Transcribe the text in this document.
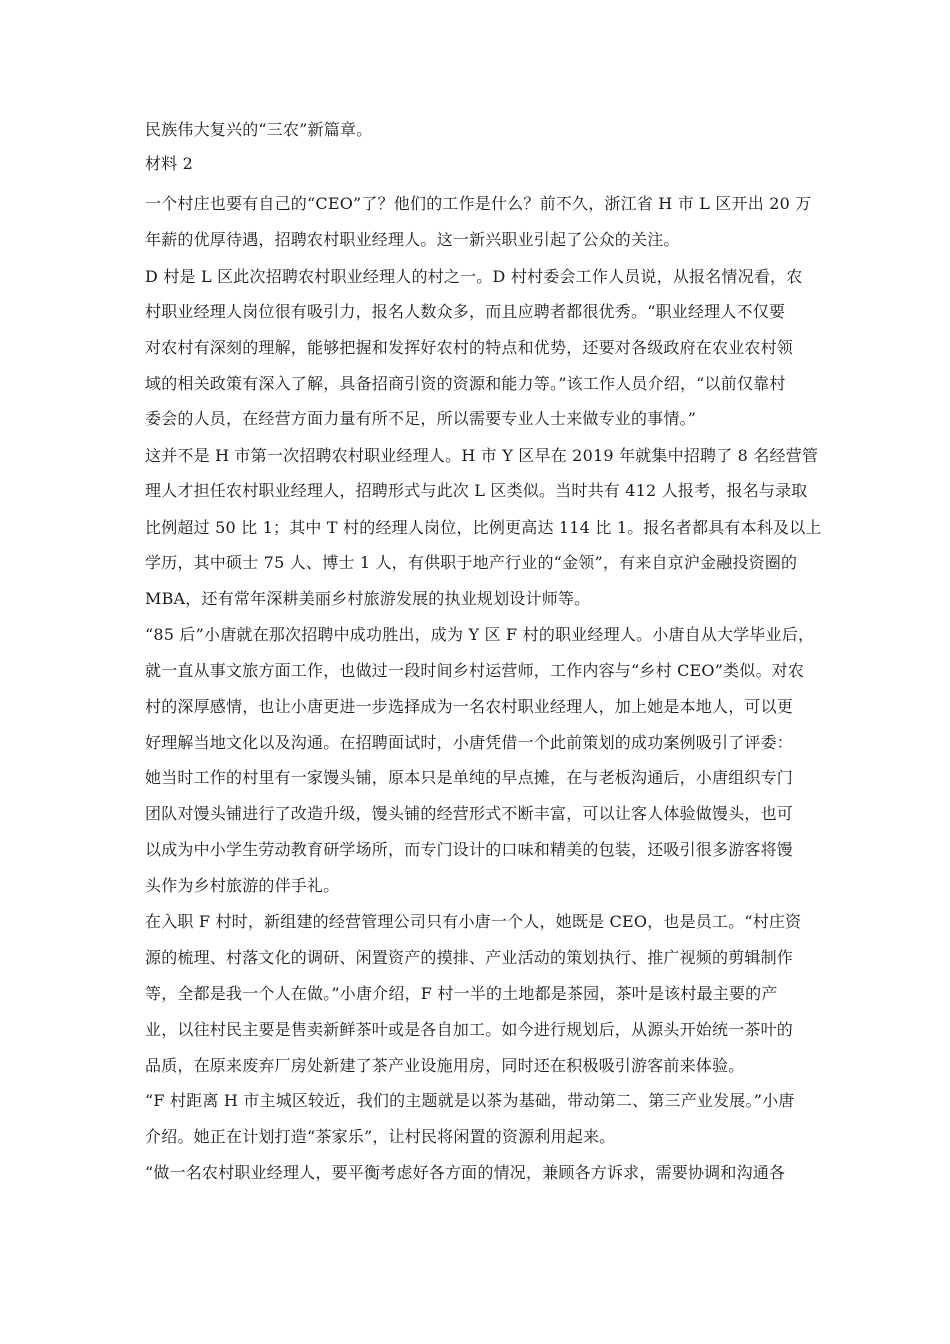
民族伟大复兴的“三农”新篇章。
材料 2
一个村庄也要有自己的“CEO”了？他们的工作是什么？前不久，浙江省 H 市 L 区开出 20 万
年薪的优厚待遇，招聘农村职业经理人。这一新兴职业引起了公众的关注。
D 村是 L 区此次招聘农村职业经理人的村之一。D 村村委会工作人员说，从报名情况看，农
村职业经理人岗位很有吸引力，报名人数众多，而且应聘者都很优秀。“职业经理人不仅要
对农村有深刻的理解，能够把握和发挥好农村的特点和优势，还要对各级政府在农业农村领
域的相关政策有深入了解，具备招商引资的资源和能力等。”该工作人员介绍，“以前仅靠村
委会的人员，在经营方面力量有所不足，所以需要专业人士来做专业的事情。”
这并不是 H 市第一次招聘农村职业经理人。H 市 Y 区早在 2019 年就集中招聘了 8 名经营管
理人才担任农村职业经理人，招聘形式与此次 L 区类似。当时共有 412 人报考，报名与录取
比例超过 50 比 1；其中 T 村的经理人岗位，比例更高达 114 比 1。报名者都具有本科及以上
学历，其中硕士 75 人、博士 1 人，有供职于地产行业的“金领”，有来自京沪金融投资圈的
MBA，还有常年深耕美丽乡村旅游发展的执业规划设计师等。
“85 后”小唐就在那次招聘中成功胜出，成为 Y 区 F 村的职业经理人。小唐自从大学毕业后，
就一直从事文旅方面工作，也做过一段时间乡村运营师，工作内容与“乡村 CEO”类似。对农
村的深厚感情，也让小唐更进一步选择成为一名农村职业经理人，加上她是本地人，可以更
好理解当地文化以及沟通。在招聘面试时，小唐凭借一个此前策划的成功案例吸引了评委：
她当时工作的村里有一家馒头铺，原本只是单纯的早点摊，在与老板沟通后，小唐组织专门
团队对馒头铺进行了改造升级，馒头铺的经营形式不断丰富，可以让客人体验做馒头，也可
以成为中小学生劳动教育研学场所，而专门设计的口味和精美的包装，还吸引很多游客将馒
头作为乡村旅游的伴手礼。
在入职 F 村时，新组建的经营管理公司只有小唐一个人，她既是 CEO，也是员工。“村庄资
源的梳理、村落文化的调研、闲置资产的摸排、产业活动的策划执行、推广视频的剪辑制作
等，全都是我一个人在做。”小唐介绍，F 村一半的土地都是茶园，茶叶是该村最主要的产
业，以往村民主要是售卖新鲜茶叶或是各自加工。如今进行规划后，从源头开始统一茶叶的
品质，在原来废弃厂房处新建了茶产业设施用房，同时还在积极吸引游客前来体验。
“F 村距离 H 市主城区较近，我们的主题就是以茶为基础，带动第二、第三产业发展。”小唐
介绍。她正在计划打造“茶家乐”，让村民将闲置的资源利用起来。
“做一名农村职业经理人，要平衡考虑好各方面的情况，兼顾各方诉求，需要协调和沟通各
